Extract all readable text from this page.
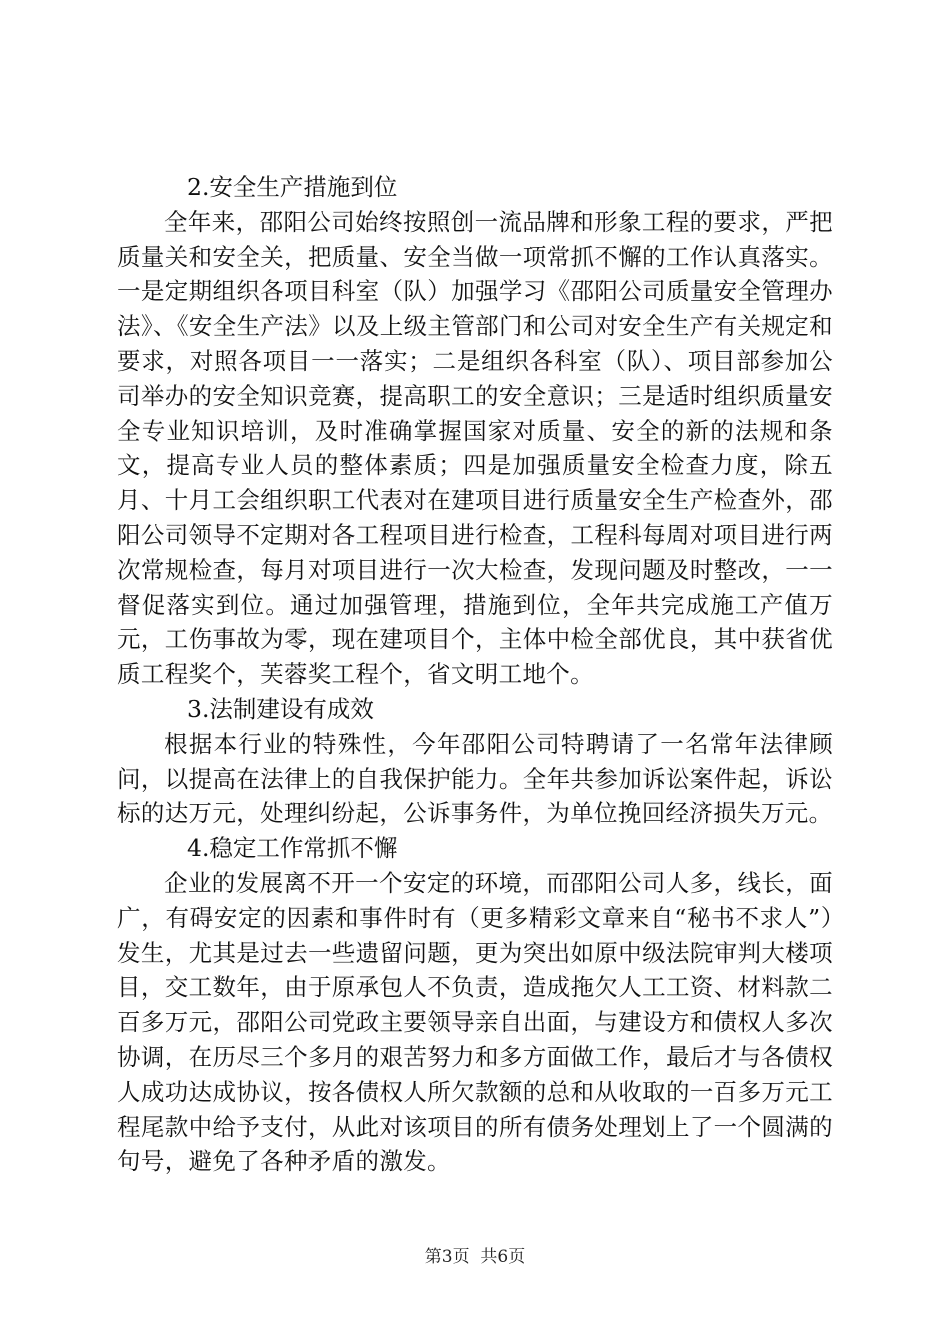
2.安全生产措施到位

全年来，邵阳公司始终按照创一流品牌和形象工程的要求，严把质量关和安全关，把质量、安全当做一项常抓不懈的工作认真落实。一是定期组织各项目科室（队）加强学习《邵阳公司质量安全管理办法》、《安全生产法》以及上级主管部门和公司对安全生产有关规定和要求，对照各项目一一落实；二是组织各科室（队）、项目部参加公司举办的安全知识竞赛，提高职工的安全意识；三是适时组织质量安全专业知识培训，及时准确掌握国家对质量、安全的新的法规和条文，提高专业人员的整体素质；四是加强质量安全检查力度，除五月、十月工会组织职工代表对在建项目进行质量安全生产检查外，邵阳公司领导不定期对各工程项目进行检查，工程科每周对项目进行两次常规检查，每月对项目进行一次大检查，发现问题及时整改，一一督促落实到位。通过加强管理，措施到位，全年共完成施工产值万元，工伤事故为零，现在建项目个，主体中检全部优良，其中获省优质工程奖个，芙蓉奖工程个，省文明工地个。

3.法制建设有成效

根据本行业的特殊性，今年邵阳公司特聘请了一名常年法律顾问，以提高在法律上的自我保护能力。全年共参加诉讼案件起，诉讼标的达万元，处理纠纷起，公诉事务件，为单位挽回经济损失万元。

4.稳定工作常抓不懈

企业的发展离不开一个安定的环境，而邵阳公司人多，线长，面广，有碍安定的因素和事件时有（更多精彩文章来自“秘书不求人”）发生，尤其是过去一些遗留问题，更为突出如原中级法院审判大楼项目，交工数年，由于原承包人不负责，造成拖欠人工工资、材料款二百多万元，邵阳公司党政主要领导亲自出面，与建设方和债权人多次协调，在历尽三个多月的艰苦努力和多方面做工作，最后才与各债权人成功达成协议，按各债权人所欠款额的总和从收取的一百多万元工程尾款中给予支付，从此对该项目的所有债务处理划上了一个圆满的句号，避免了各种矛盾的激发。

第3页  共6页
